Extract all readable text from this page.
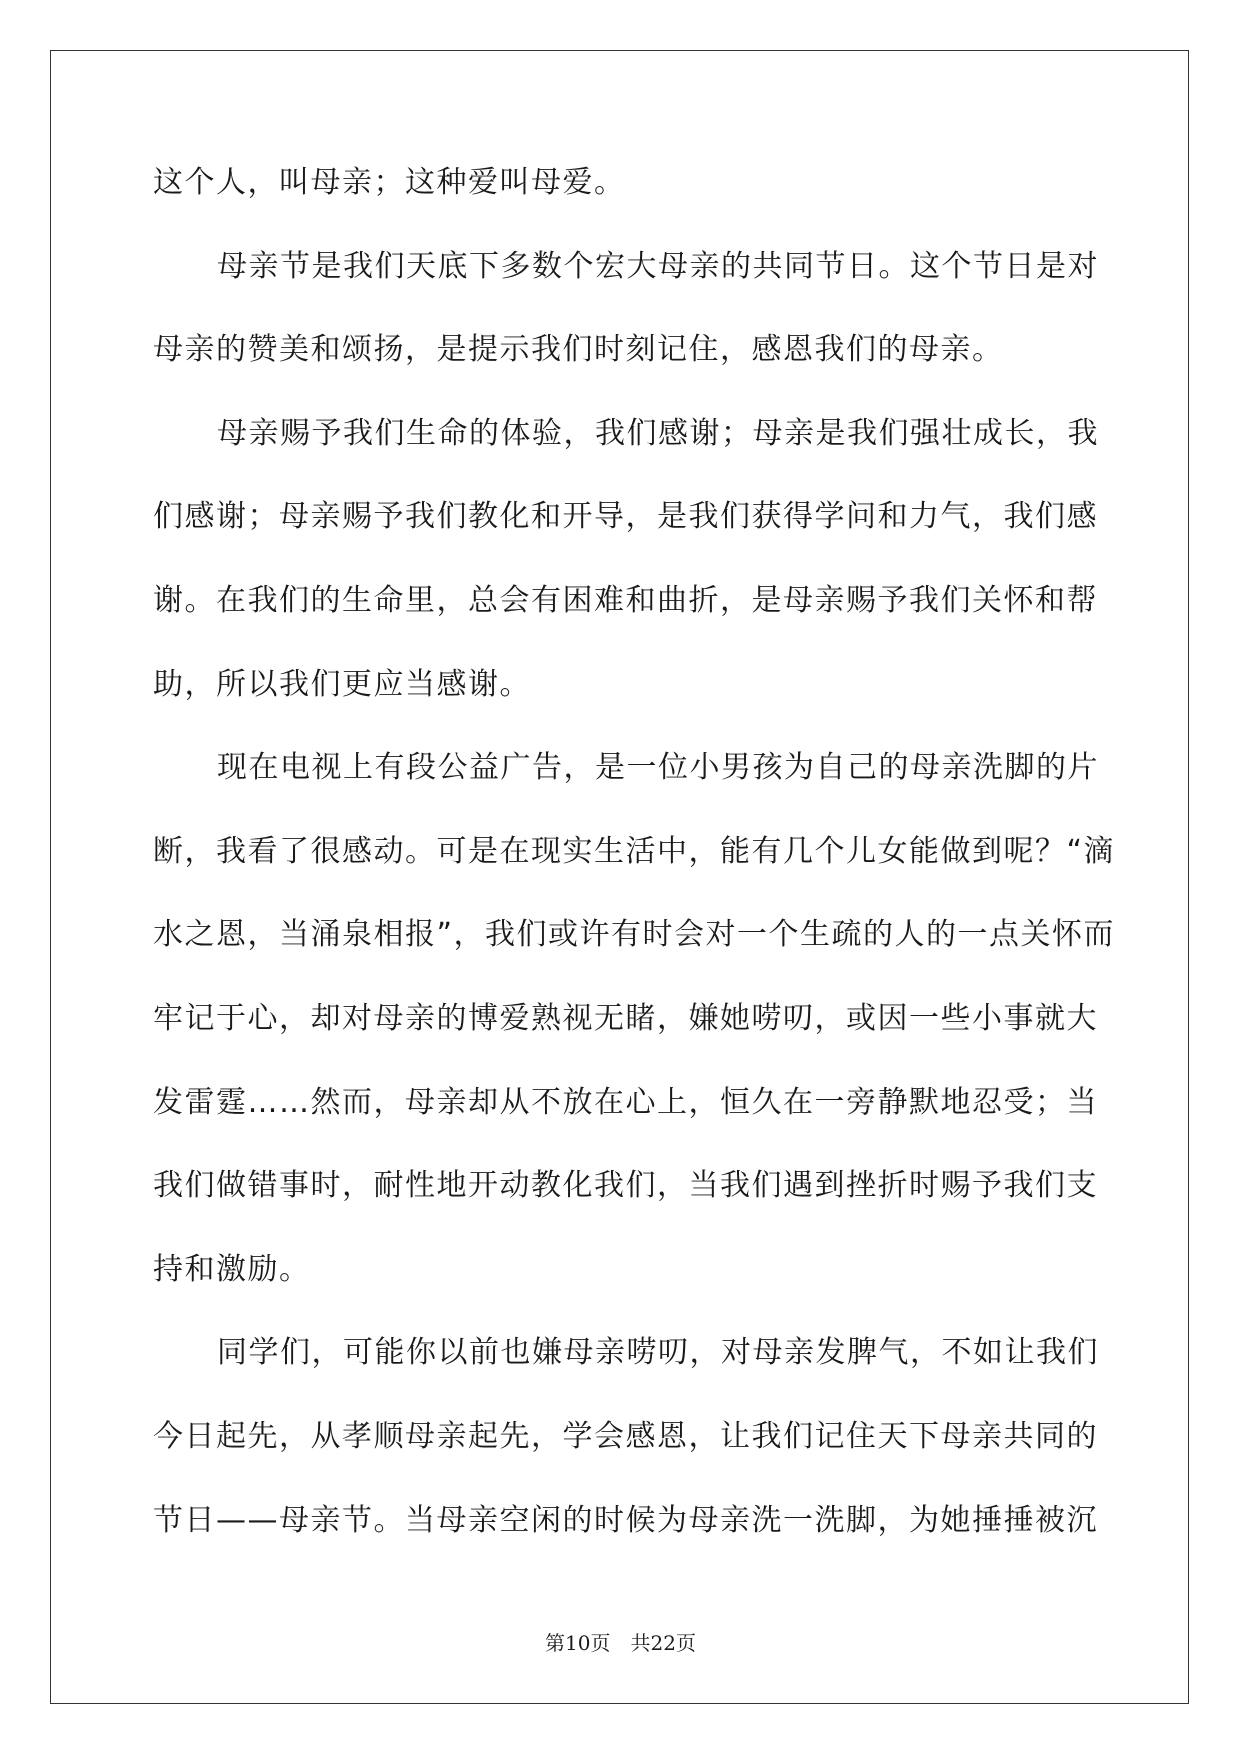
这个人，叫母亲；这种爱叫母爱。
母亲节是我们天底下多数个宏大母亲的共同节日。这个节日是对
母亲的赞美和颂扬，是提示我们时刻记住，感恩我们的母亲。
母亲赐予我们生命的体验，我们感谢；母亲是我们强壮成长，我
们感谢；母亲赐予我们教化和开导，是我们获得学问和力气，我们感
谢。在我们的生命里，总会有困难和曲折，是母亲赐予我们关怀和帮
助，所以我们更应当感谢。
现在电视上有段公益广告，是一位小男孩为自己的母亲洗脚的片
断，我看了很感动。可是在现实生活中，能有几个儿女能做到呢？“滴
水之恩，当涌泉相报”，我们或许有时会对一个生疏的人的一点关怀而
牢记于心，却对母亲的博爱熟视无睹，嫌她唠叨，或因一些小事就大
发雷霆……然而，母亲却从不放在心上，恒久在一旁静默地忍受；当
我们做错事时，耐性地开动教化我们，当我们遇到挫折时赐予我们支
持和激励。
同学们，可能你以前也嫌母亲唠叨，对母亲发脾气，不如让我们
今日起先，从孝顺母亲起先，学会感恩，让我们记住天下母亲共同的
节日——母亲节。当母亲空闲的时候为母亲洗一洗脚，为她捶捶被沉
第10页　共22页
